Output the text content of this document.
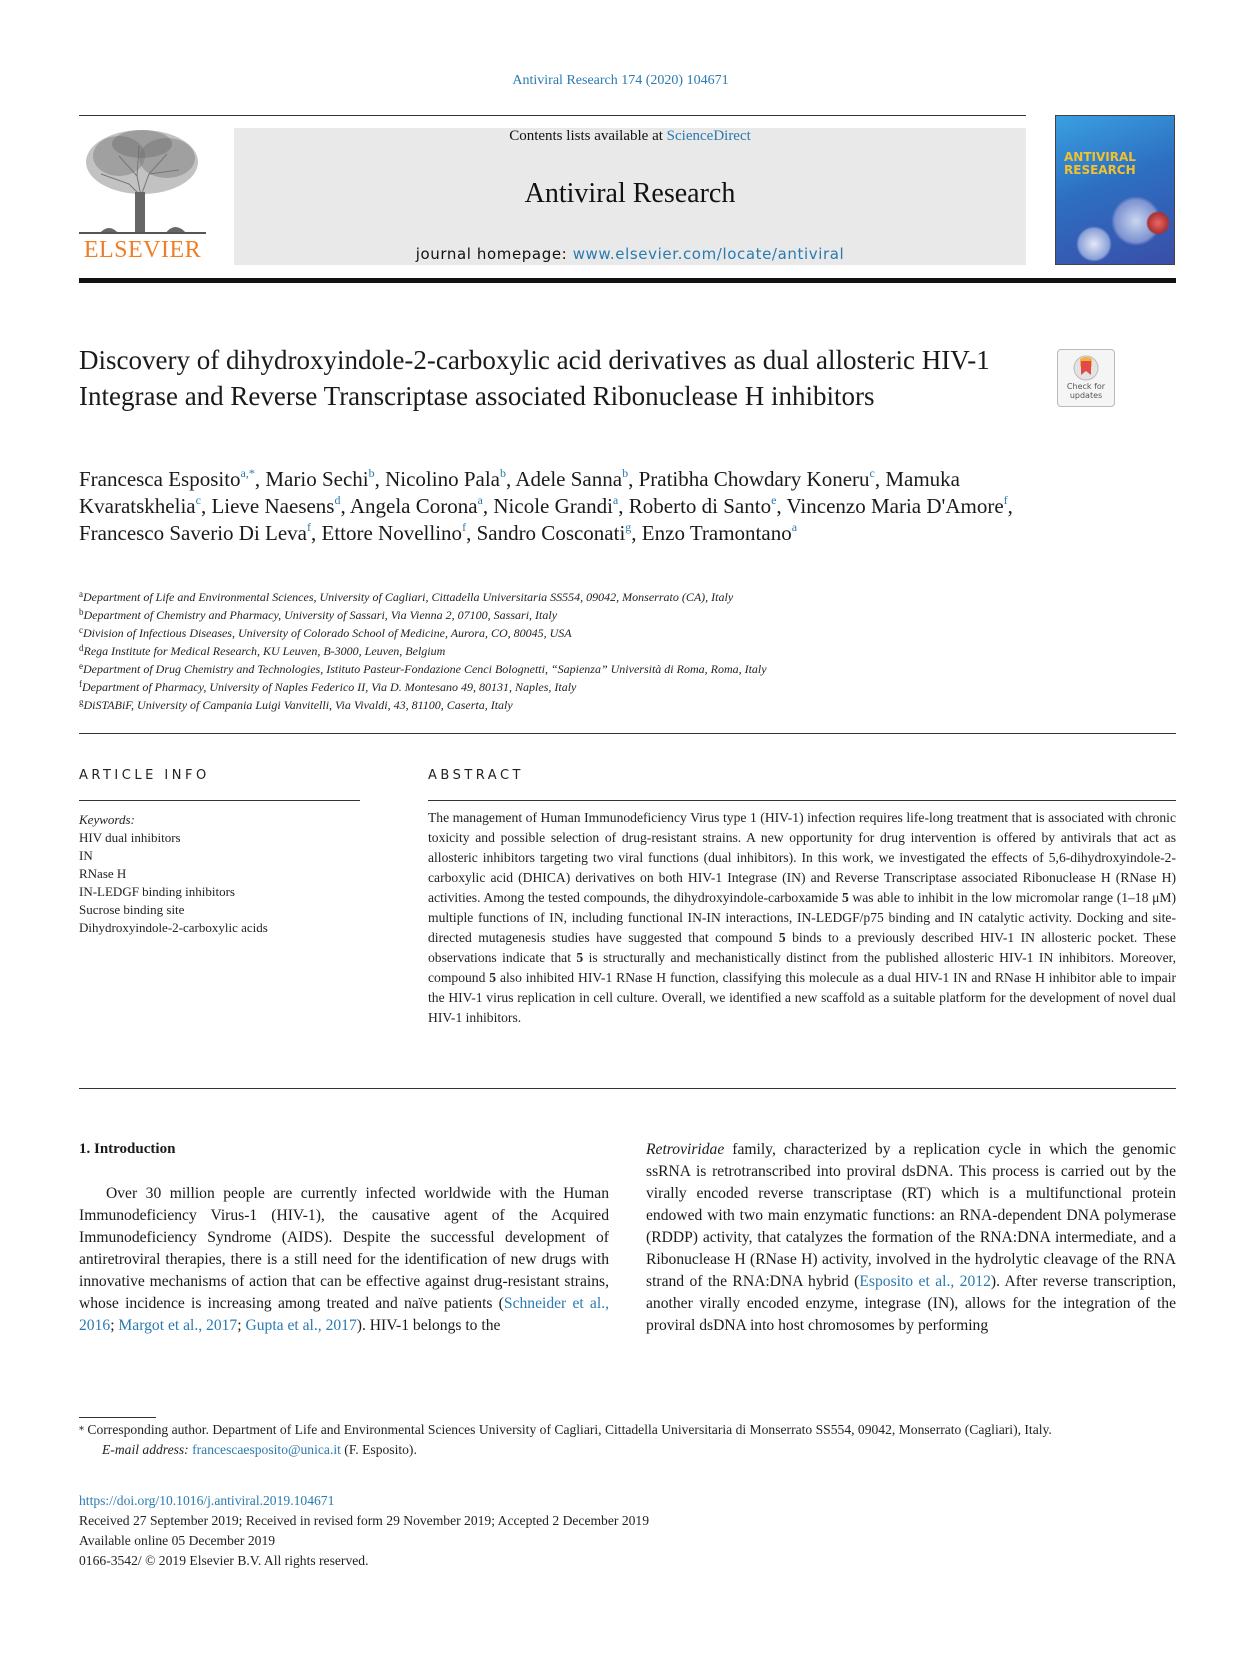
Antiviral Research 174 (2020) 104671
ELSEVIER
Contents lists available at ScienceDirect
Antiviral Research
journal homepage: www.elsevier.com/locate/antiviral
ANTIVIRAL
RESEARCH
Discovery of dihydroxyindole-2-carboxylic acid derivatives as dual allosteric HIV-1 Integrase and Reverse Transcriptase associated Ribonuclease H inhibitors	Check for
updates
Francesca Esposito$^{a,*}$, Mario Sechi$^b$, Nicolino Pala$^b$, Adele Sanna$^b$, Pratibha Chowdary Koneru$^c$, Mamuka Kvaratskhelia$^c$, Lieve Naesens$^d$, Angela Corona$^a$, Nicole Grandi$^a$, Roberto di Santo$^e$, Vincenzo Maria D'Amore$^f$, Francesco Saverio Di Leva$^f$, Ettore Novellino$^f$, Sandro Cosconati$^g$, Enzo Tramontano$^a$
$^a$Department of Life and Environmental Sciences, University of Cagliari, Cittadella Universitaria SS554, 09042, Monserrato (CA), Italy
$^b$Department of Chemistry and Pharmacy, University of Sassari, Via Vienna 2, 07100, Sassari, Italy
$^c$Division of Infectious Diseases, University of Colorado School of Medicine, Aurora, CO, 80045, USA
$^d$Rega Institute for Medical Research, KU Leuven, B-3000, Leuven, Belgium
$^e$Department of Drug Chemistry and Technologies, Istituto Pasteur-Fondazione Cenci Bolognetti, “Sapienza” Università di Roma, Roma, Italy
$^f$Department of Pharmacy, University of Naples Federico II, Via D. Montesano 49, 80131, Naples, Italy
$^g$DiSTABiF, University of Campania Luigi Vanvitelli, Via Vivaldi, 43, 81100, Caserta, Italy
ARTICLE INFO	ABSTRACT
Keywords:
HIV dual inhibitors
IN
RNase H
IN-LEDGF binding inhibitors
Sucrose binding site
Dihydroxyindole-2-carboxylic acids
The management of Human Immunodeficiency Virus type 1 (HIV-1) infection requires life-long treatment that is associated with chronic toxicity and possible selection of drug-resistant strains. A new opportunity for drug intervention is offered by antivirals that act as allosteric inhibitors targeting two viral functions (dual inhibitors). In this work, we investigated the effects of 5,6-dihydroxyindole-2-carboxylic acid (DHICA) derivatives on both HIV-1 Integrase (IN) and Reverse Transcriptase associated Ribonuclease H (RNase H) activities. Among the tested compounds, the dihydroxyindole-carboxamide 5 was able to inhibit in the low micromolar range (1–18 μM) multiple functions of IN, including functional IN-IN interactions, IN-LEDGF/p75 binding and IN catalytic activity. Docking and site-directed mutagenesis studies have suggested that compound 5 binds to a previously described HIV-1 IN allosteric pocket. These observations indicate that 5 is structurally and mechanistically distinct from the published allosteric HIV-1 IN inhibitors. Moreover, compound 5 also inhibited HIV-1 RNase H function, classifying this molecule as a dual HIV-1 IN and RNase H inhibitor able to impair the HIV-1 virus replication in cell culture. Overall, we identified a new scaffold as a suitable platform for the development of novel dual HIV-1 inhibitors.
1. Introduction
Over 30 million people are currently infected worldwide with the Human Immunodeficiency Virus-1 (HIV-1), the causative agent of the Acquired Immunodeficiency Syndrome (AIDS). Despite the successful development of antiretroviral therapies, there is a still need for the identification of new drugs with innovative mechanisms of action that can be effective against drug-resistant strains, whose incidence is increasing among treated and naïve patients (Schneider et al., 2016; Margot et al., 2017; Gupta et al., 2017). HIV-1 belongs to the
Retroviridae family, characterized by a replication cycle in which the genomic ssRNA is retrotranscribed into proviral dsDNA. This process is carried out by the virally encoded reverse transcriptase (RT) which is a multifunctional protein endowed with two main enzymatic functions: an RNA-dependent DNA polymerase (RDDP) activity, that catalyzes the formation of the RNA:DNA intermediate, and a Ribonuclease H (RNase H) activity, involved in the hydrolytic cleavage of the RNA strand of the RNA:DNA hybrid (Esposito et al., 2012). After reverse transcription, another virally encoded enzyme, integrase (IN), allows for the integration of the proviral dsDNA into host chromosomes by performing
⁎ Corresponding author. Department of Life and Environmental Sciences University of Cagliari, Cittadella Universitaria di Monserrato SS554, 09042, Monserrato (Cagliari), Italy.
E-mail address: francescaesposito@unica.it (F. Esposito).
https://doi.org/10.1016/j.antiviral.2019.104671
Received 27 September 2019; Received in revised form 29 November 2019; Accepted 2 December 2019
Available online 05 December 2019
0166-3542/ © 2019 Elsevier B.V. All rights reserved.
